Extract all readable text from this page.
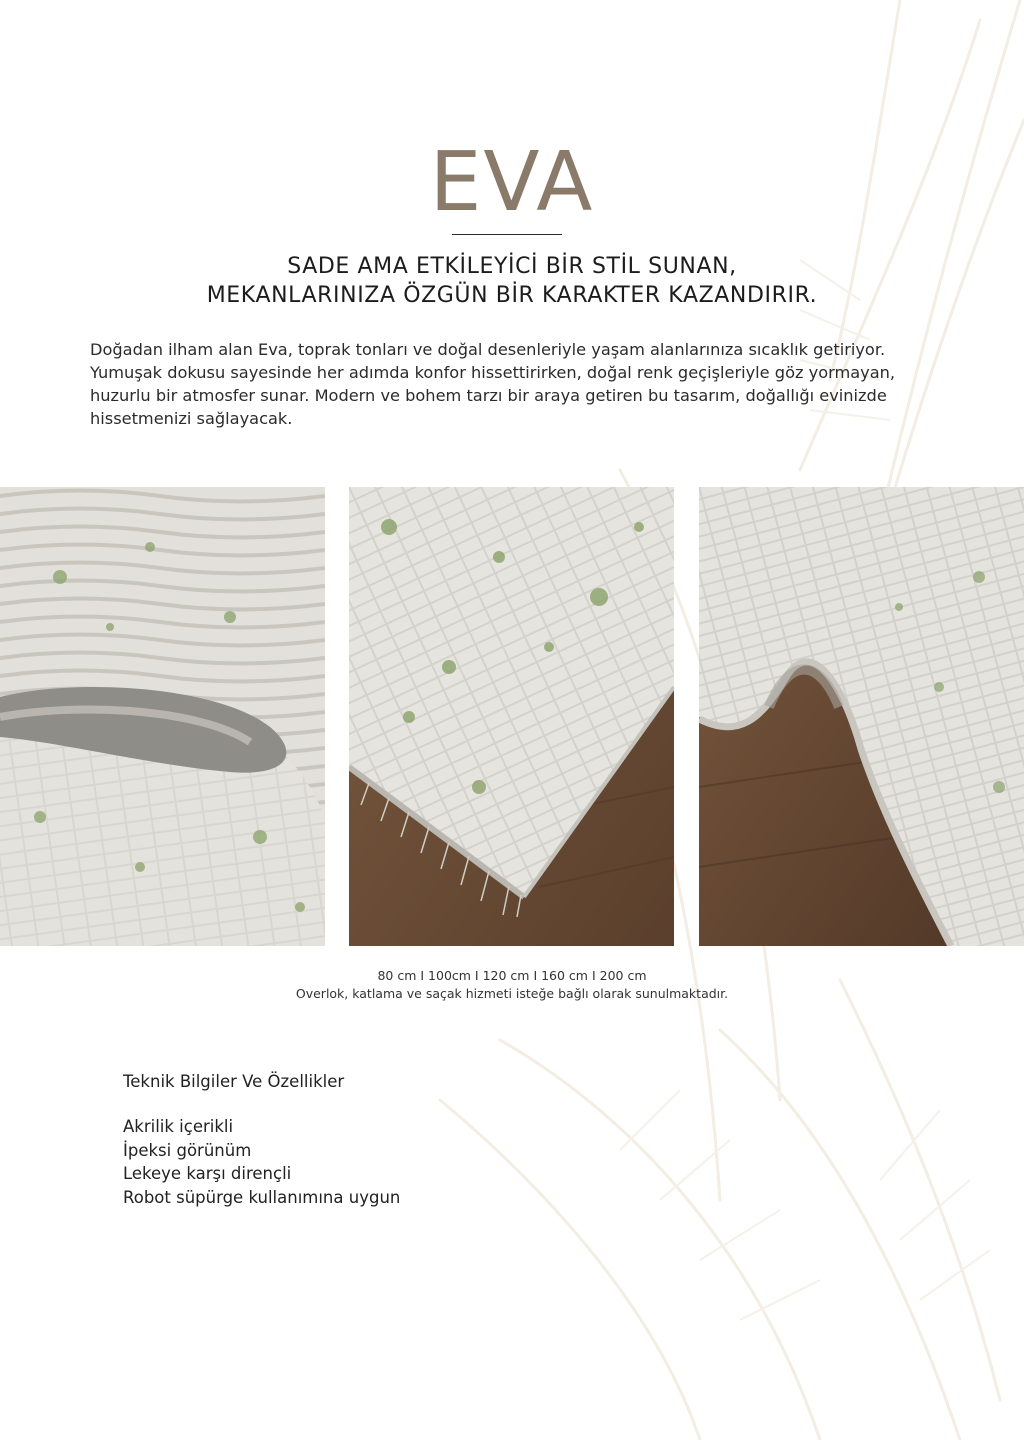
EVA
SADE AMA ETKİLEYİCİ BİR STİL SUNAN,
MEKANLARINIZA ÖZGÜN BİR KARAKTER KAZANDIRIR.

Doğadan ilham alan Eva, toprak tonları ve doğal desenleriyle yaşam alanlarınıza sıcaklık getiriyor. Yumuşak dokusu sayesinde her adımda konfor hissettirirken, doğal renk geçişleriyle göz yormayan, huzurlu bir atmosfer sunar. Modern ve bohem tarzı bir araya getiren bu tasarım, doğallığı evinizde hissetmenizi sağlayacak.

80 cm I 100cm I 120 cm I 160 cm I 200 cm
Overlok, katlama ve saçak hizmeti isteğe bağlı olarak sunulmaktadır.
Teknik Bilgiler Ve Özellikler
Akrilik içerikli
İpeksi görünüm
Lekeye karşı dirençli
Robot süpürge kullanımına uygun
